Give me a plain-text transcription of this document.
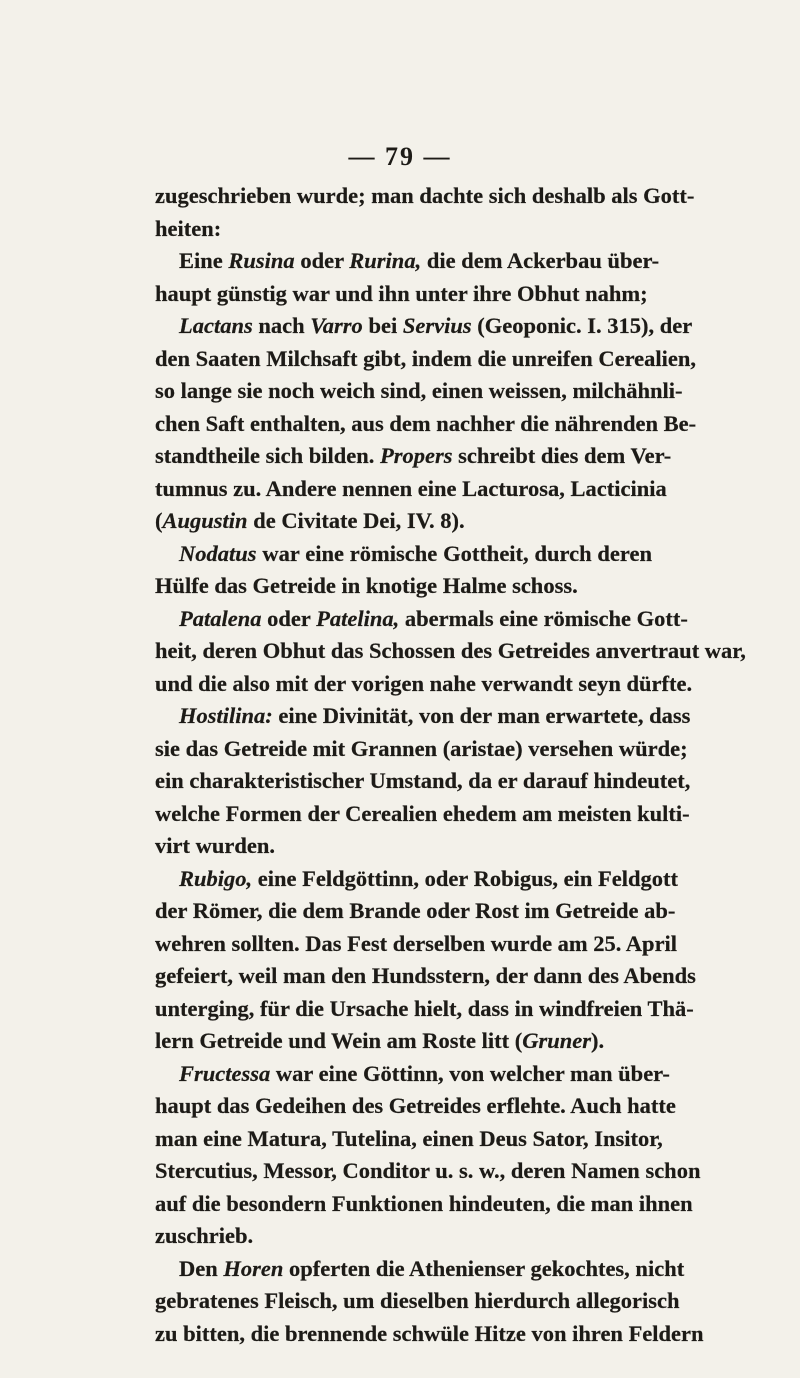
— 79 —
zugeschrieben wurde; man dachte sich deshalb als Gott-
heiten:
Eine Rusina oder Rurina, die dem Ackerbau über-
haupt günstig war und ihn unter ihre Obhut nahm;
Lactans nach Varro bei Servius (Geoponic. I. 315), der
den Saaten Milchsaft gibt, indem die unreifen Cerealien,
so lange sie noch weich sind, einen weissen, milchähnli-
chen Saft enthalten, aus dem nachher die nährenden Be-
standtheile sich bilden. Propers schreibt dies dem Ver-
tumnus zu. Andere nennen eine Lacturosa, Lacticinia
(Augustin de Civitate Dei, IV. 8).
Nodatus war eine römische Gottheit, durch deren
Hülfe das Getreide in knotige Halme schoss.
Patalena oder Patelina, abermals eine römische Gott-
heit, deren Obhut das Schossen des Getreides anvertraut war,
und die also mit der vorigen nahe verwandt seyn dürfte.
Hostilina: eine Divinität, von der man erwartete, dass
sie das Getreide mit Grannen (aristae) versehen würde;
ein charakteristischer Umstand, da er darauf hindeutet,
welche Formen der Cerealien ehedem am meisten kulti-
virt wurden.
Rubigo, eine Feldgöttinn, oder Robigus, ein Feldgott
der Römer, die dem Brande oder Rost im Getreide ab-
wehren sollten. Das Fest derselben wurde am 25. April
gefeiert, weil man den Hundsstern, der dann des Abends
unterging, für die Ursache hielt, dass in windfreien Thä-
lern Getreide und Wein am Roste litt (Gruner).
Fructessa war eine Göttinn, von welcher man über-
haupt das Gedeihen des Getreides erflehte. Auch hatte
man eine Matura, Tutelina, einen Deus Sator, Insitor,
Stercutius, Messor, Conditor u. s. w., deren Namen schon
auf die besondern Funktionen hindeuten, die man ihnen
zuschrieb.
Den Horen opferten die Athenienser gekochtes, nicht
gebratenes Fleisch, um dieselben hierdurch allegorisch
zu bitten, die brennende schwüle Hitze von ihren Feldern
